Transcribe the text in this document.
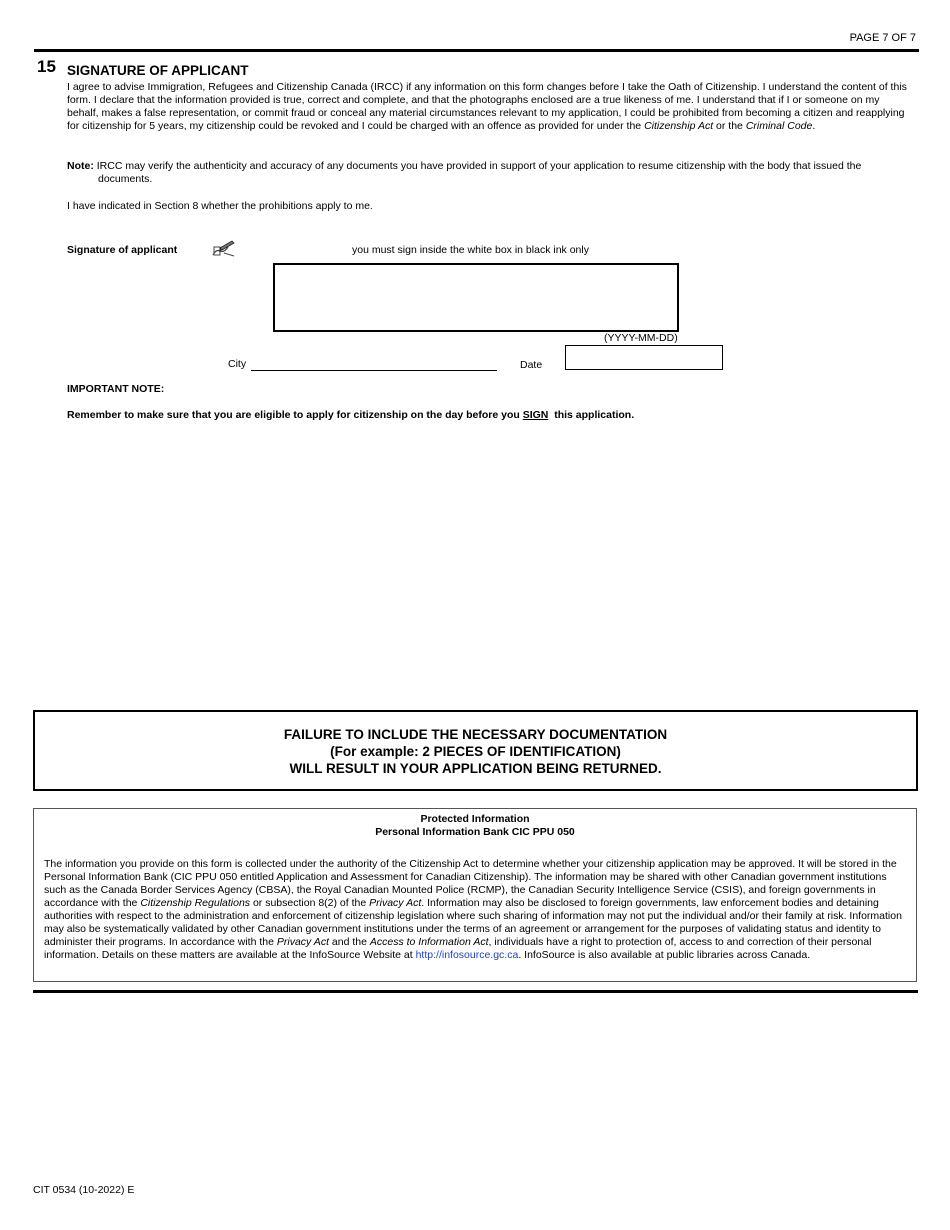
PAGE 7 OF 7
15 SIGNATURE OF APPLICANT
I agree to advise Immigration, Refugees and Citizenship Canada (IRCC) if any information on this form changes before I take the Oath of Citizenship. I understand the content of this form. I declare that the information provided is true, correct and complete, and that the photographs enclosed are a true likeness of me. I understand that if I or someone on my behalf, makes a false representation, or commit fraud or conceal any material circumstances relevant to my application, I could be prohibited from becoming a citizen and reapplying for citizenship for 5 years, my citizenship could be revoked and I could be charged with an offence as provided for under the Citizenship Act or the Criminal Code.
Note: IRCC may verify the authenticity and accuracy of any documents you have provided in support of your application to resume citizenship with the body that issued the
documents.
I have indicated in Section 8 whether the prohibitions apply to me.
Signature of applicant	you must sign inside the white box in black ink only
(YYYY-MM-DD)
City	Date
IMPORTANT NOTE:
Remember to make sure that you are eligible to apply for citizenship on the day before you SIGN  this application.
FAILURE TO INCLUDE THE NECESSARY DOCUMENTATION
(For example: 2 PIECES OF IDENTIFICATION)
WILL RESULT IN YOUR APPLICATION BEING RETURNED.
Protected Information
Personal Information Bank CIC PPU 050
The information you provide on this form is collected under the authority of the Citizenship Act to determine whether your citizenship application may be approved. It will be stored in the Personal Information Bank (CIC PPU 050 entitled Application and Assessment for Canadian Citizenship). The information may be shared with other Canadian government institutions such as the Canada Border Services Agency (CBSA), the Royal Canadian Mounted Police (RCMP), the Canadian Security Intelligence Service (CSIS), and foreign governments in accordance with the Citizenship Regulations or subsection 8(2) of the Privacy Act. Information may also be disclosed to foreign governments, law enforcement bodies and detaining authorities with respect to the administration and enforcement of citizenship legislation where such sharing of information may not put the individual and/or their family at risk. Information may also be systematically validated by other Canadian government institutions under the terms of an agreement or arrangement for the purposes of validating status and identity to administer their programs. In accordance with the Privacy Act and the Access to Information Act, individuals have a right to protection of, access to and correction of their personal information. Details on these matters are available at the InfoSource Website at http://infosource.gc.ca. InfoSource is also available at public libraries across Canada.
CIT 0534 (10-2022) E
